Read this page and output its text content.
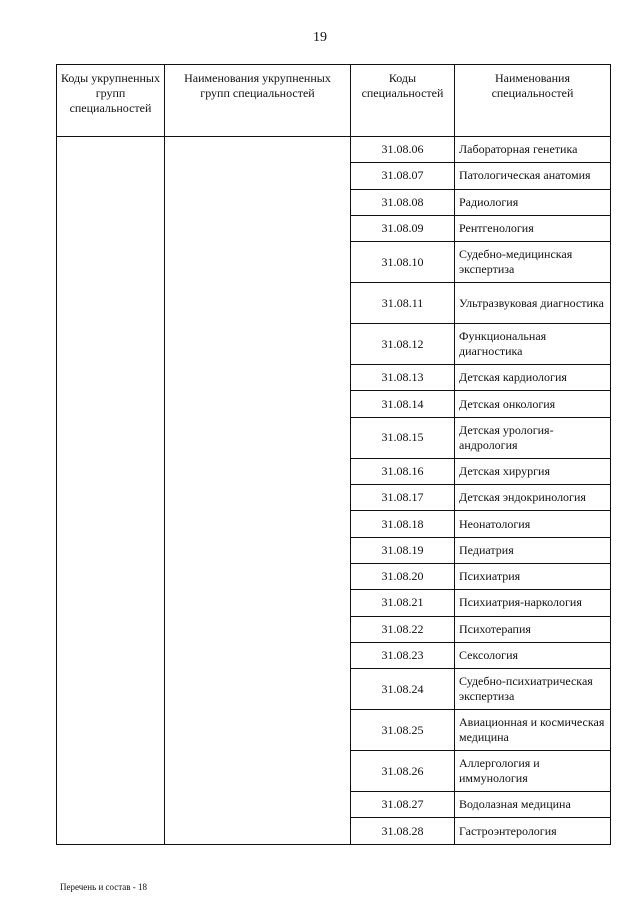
19
Коды укрупненных групп специальностей	Наименования укрупненных групп специальностей	Коды специальностей	Наименования специальностей
		31.08.06	Лабораторная генетика
		31.08.07	Патологическая анатомия
		31.08.08	Радиология
		31.08.09	Рентгенология
		31.08.10	Судебно-медицинская экспертиза
		31.08.11	Ультразвуковая диагностика
		31.08.12	Функциональная диагностика
		31.08.13	Детская кардиология
		31.08.14	Детская онкология
		31.08.15	Детская урология-андрология
		31.08.16	Детская хирургия
		31.08.17	Детская эндокринология
		31.08.18	Неонатология
		31.08.19	Педиатрия
		31.08.20	Психиатрия
		31.08.21	Психиатрия-наркология
		31.08.22	Психотерапия
		31.08.23	Сексология
		31.08.24	Судебно-психиатрическая экспертиза
		31.08.25	Авиационная и космическая медицина
		31.08.26	Аллергология и иммунология
		31.08.27	Водолазная медицина
		31.08.28	Гастроэнтерология
Перечень и состав - 18
